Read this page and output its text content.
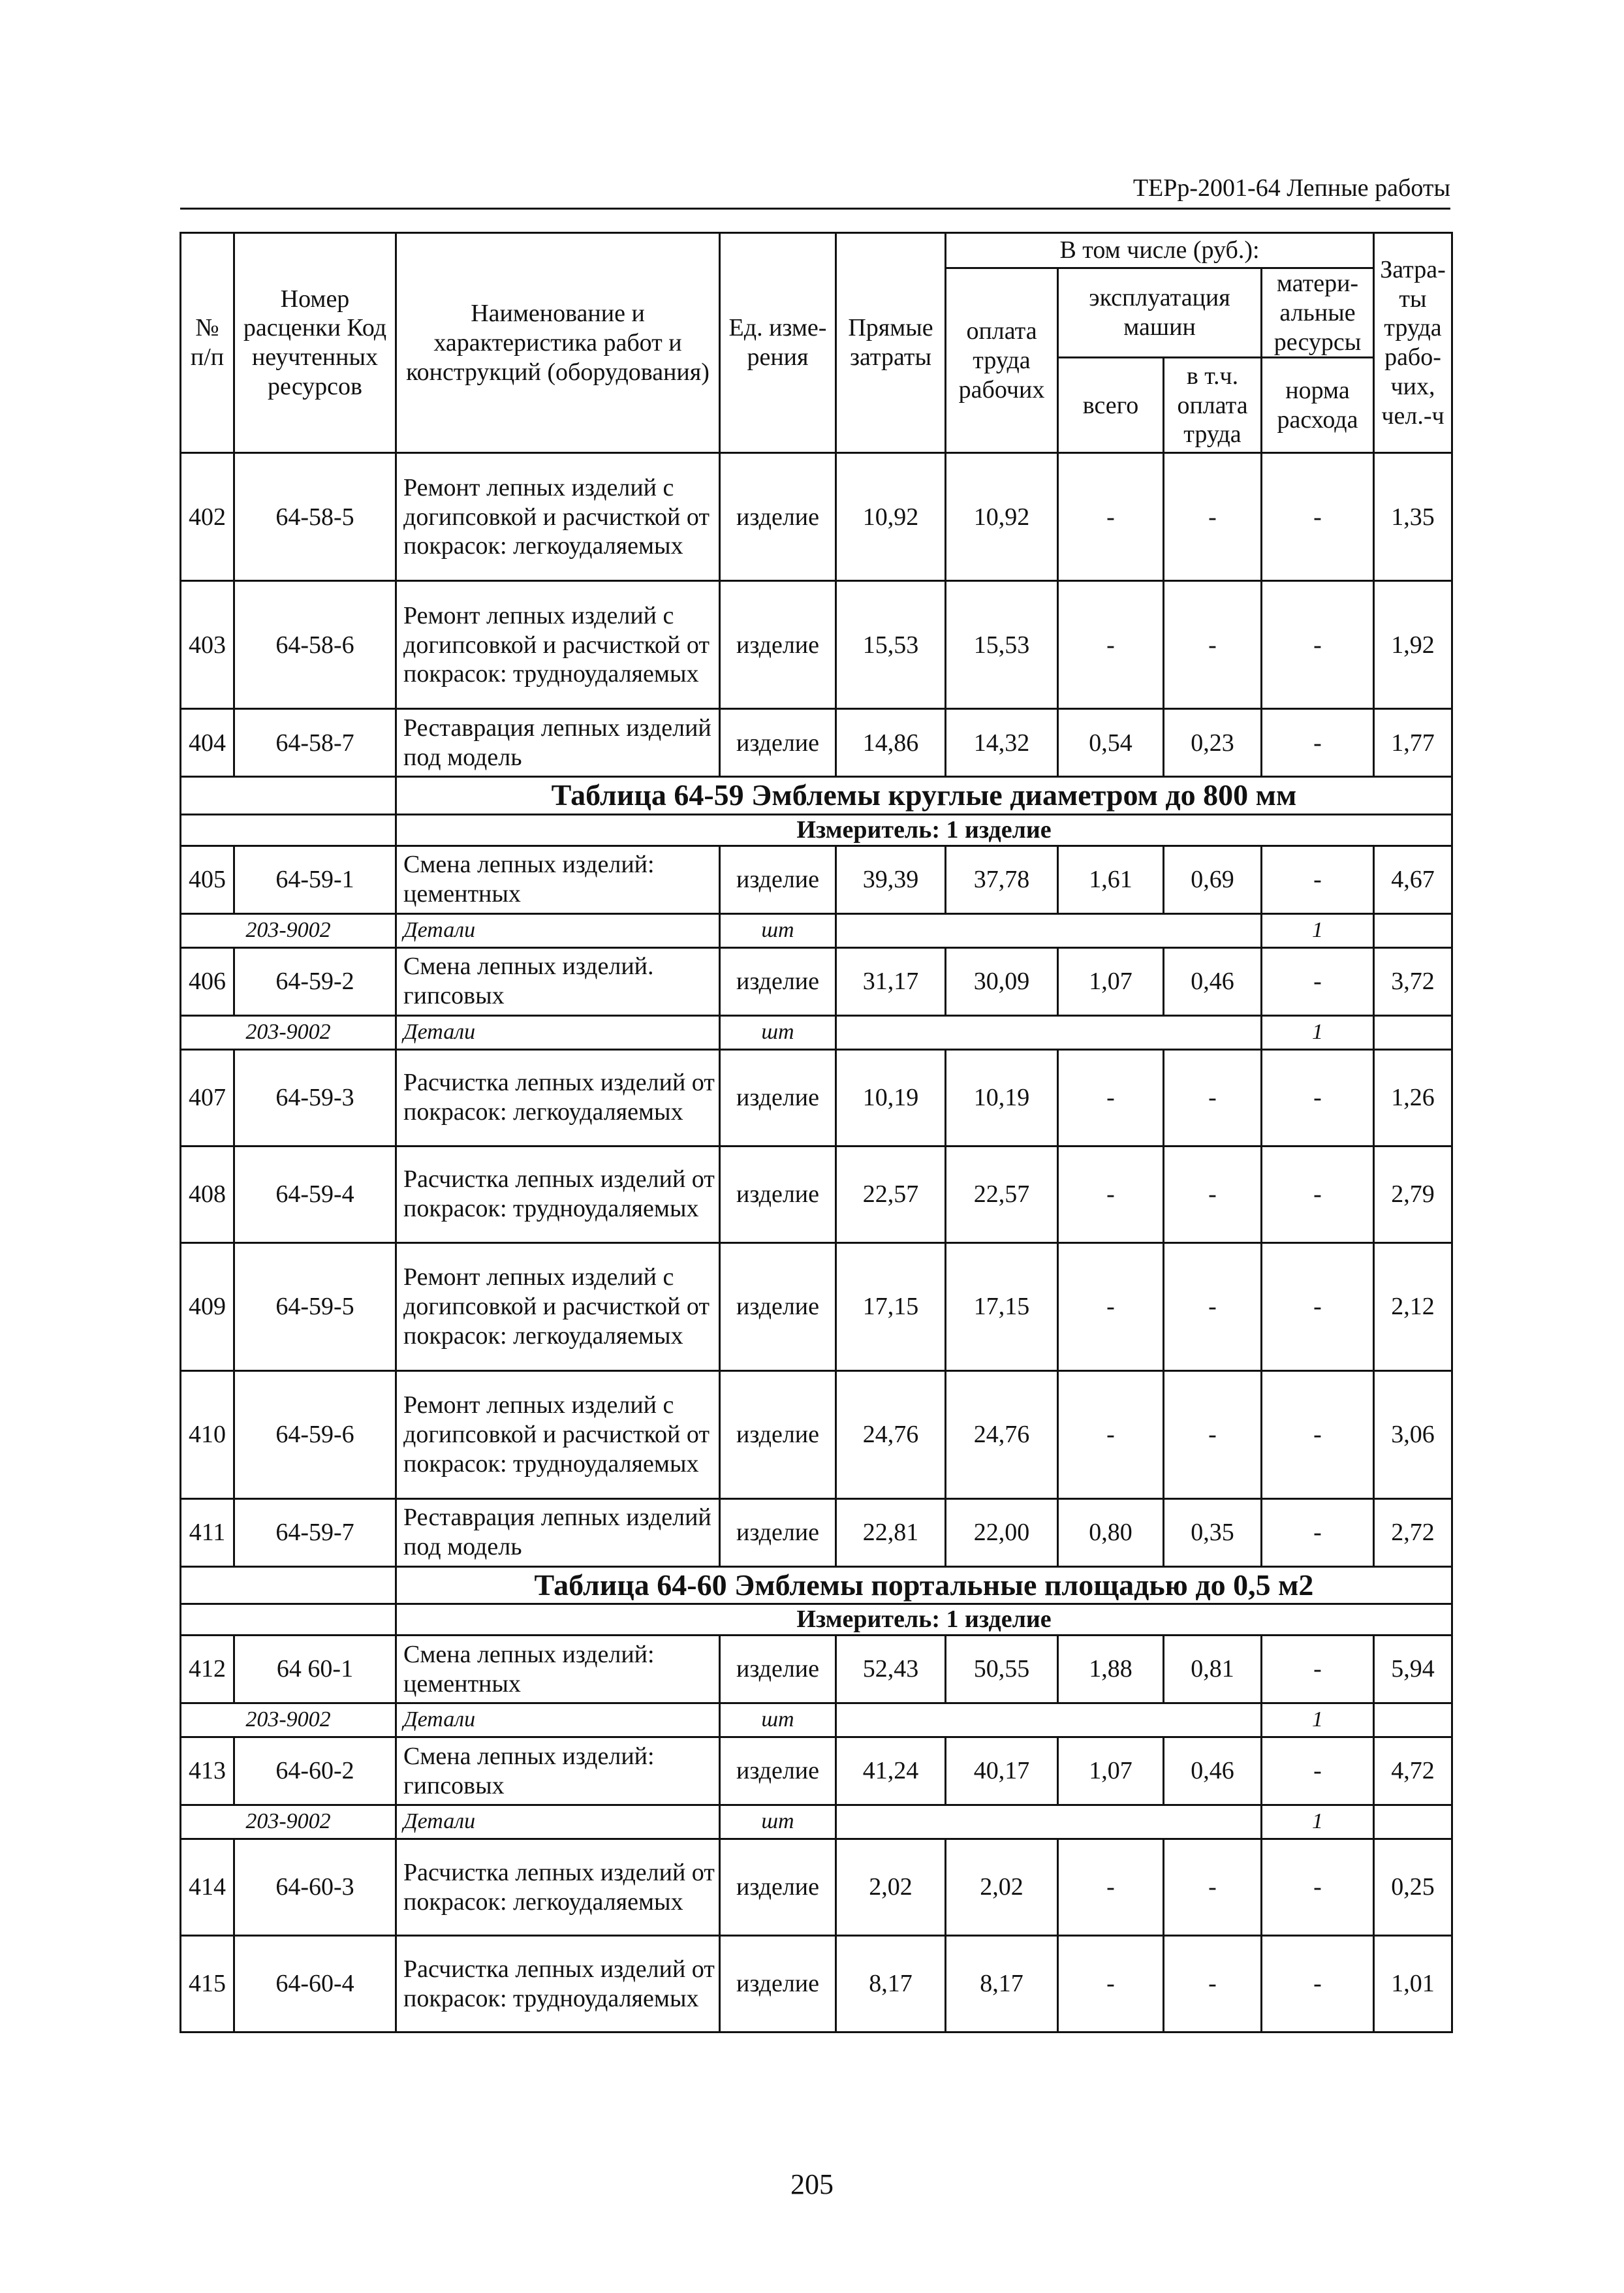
ТЕРр-2001-64 Лепные работы
№ п/п	Номер расценки Код неучтенных ресурсов	Наименование и характеристика работ и конструкций (оборудования)	Ед. изме-рения	Прямые затраты	В том числе (руб.):				Затра-ты труда рабо-чих, чел.-ч
					оплата труда рабочих	эксплуатация машин		матери-альные ресурсы	
						всего	в т.ч. оплата труда	норма расхода	

402	64-58-5	Ремонт лепных изделий с догипсовкой и расчисткой от покрасок: легкоудаляемых	изделие	10,92	10,92	-	-	-	1,35
403	64-58-6	Ремонт лепных изделий с догипсовкой и расчисткой от покрасок: трудноудаляемых	изделие	15,53	15,53	-	-	-	1,92
404	64-58-7	Реставрация лепных изделий под модель	изделие	14,86	14,32	0,54	0,23	-	1,77
		Таблица 64-59 Эмблемы круглые диаметром до 800 мм							
		Измеритель: 1 изделие							
405	64-59-1	Смена лепных изделий: цементных	изделие	39,39	37,78	1,61	0,69	-	4,67
203-9002		Детали	шт					1	
406	64-59-2	Смена лепных изделий. гипсовых	изделие	31,17	30,09	1,07	0,46	-	3,72
203-9002		Детали	шт					1	
407	64-59-3	Расчистка лепных изделий от покрасок: легкоудаляемых	изделие	10,19	10,19	-	-	-	1,26
408	64-59-4	Расчистка лепных изделий от покрасок: трудноудаляемых	изделие	22,57	22,57	-	-	-	2,79
409	64-59-5	Ремонт лепных изделий с догипсовкой и расчисткой от покрасок: легкоудаляемых	изделие	17,15	17,15	-	-	-	2,12
410	64-59-6	Ремонт лепных изделий с догипсовкой и расчисткой от покрасок: трудноудаляемых	изделие	24,76	24,76	-	-	-	3,06
411	64-59-7	Реставрация лепных изделий под модель	изделие	22,81	22,00	0,80	0,35	-	2,72
		Таблица 64-60 Эмблемы портальные площадью до 0,5 м2							
		Измеритель: 1 изделие							
412	64 60-1	Смена лепных изделий: цементных	изделие	52,43	50,55	1,88	0,81	-	5,94
203-9002		Детали	шт					1	
413	64-60-2	Смена лепных изделий: гипсовых	изделие	41,24	40,17	1,07	0,46	-	4,72
203-9002		Детали	шт					1	
414	64-60-3	Расчистка лепных изделий от покрасок: легкоудаляемых	изделие	2,02	2,02	-	-	-	0,25
415	64-60-4	Расчистка лепных изделий от покрасок: трудноудаляемых	изделие	8,17	8,17	-	-	-	1,01
205
